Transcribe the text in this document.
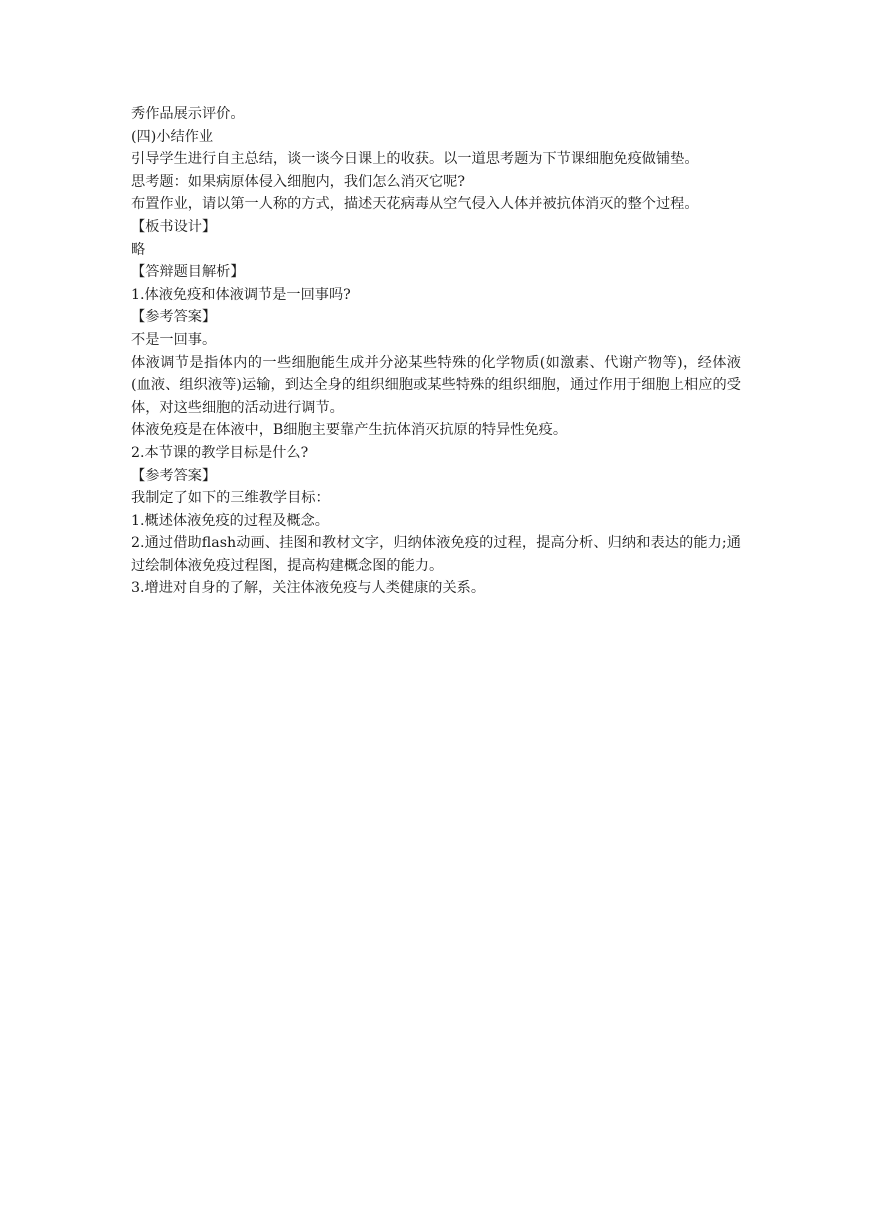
秀作品展示评价。

(四)小结作业

引导学生进行自主总结，谈一谈今日课上的收获。以一道思考题为下节课细胞免疫做铺垫。

思考题：如果病原体侵入细胞内，我们怎么消灭它呢?

布置作业，请以第一人称的方式，描述天花病毒从空气侵入人体并被抗体消灭的整个过程。

【板书设计】

略

【答辩题目解析】

1.体液免疫和体液调节是一回事吗?

【参考答案】

不是一回事。

体液调节是指体内的一些细胞能生成并分泌某些特殊的化学物质(如激素、代谢产物等)，经体液(血液、组织液等)运输，到达全身的组织细胞或某些特殊的组织细胞，通过作用于细胞上相应的受体，对这些细胞的活动进行调节。

体液免疫是在体液中，B细胞主要靠产生抗体消灭抗原的特异性免疫。

2.本节课的教学目标是什么?

【参考答案】

我制定了如下的三维教学目标：

1.概述体液免疫的过程及概念。

2.通过借助flash动画、挂图和教材文字，归纳体液免疫的过程，提高分析、归纳和表达的能力;通过绘制体液免疫过程图，提高构建概念图的能力。

3.增进对自身的了解，关注体液免疫与人类健康的关系。
